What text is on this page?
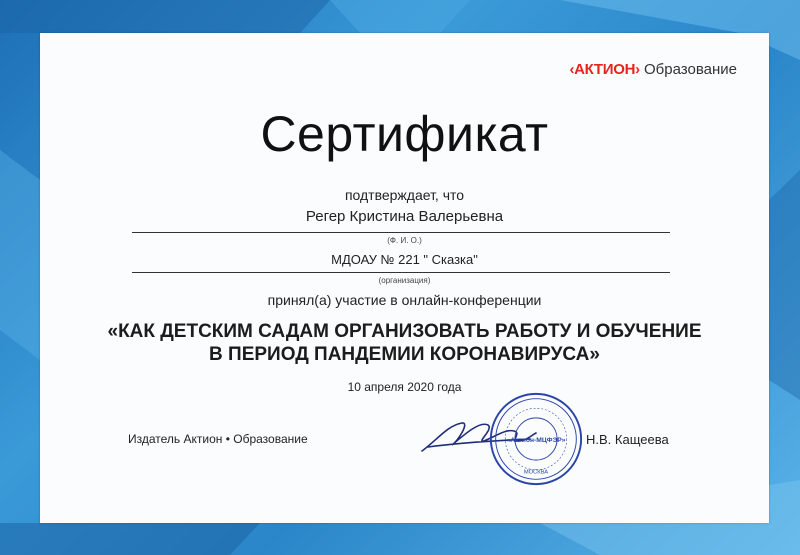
‹АКТИОН› Образование
Сертификат
подтверждает, что
Регер Кристина Валерьевна
(Ф. И. О.)
МДОАУ № 221 " Сказка"
(организация)
принял(а) участие в онлайн-конференции
«КАК ДЕТСКИМ САДАМ ОРГАНИЗОВАТЬ РАБОТУ И ОБУЧЕНИЕ
В ПЕРИОД ПАНДЕМИИ КОРОНАВИРУСА»
10 апреля 2020 года
Издатель Актион • Образование	«Актион-МЦФЭР»
МОСКВА
Н.В. Кащеева
